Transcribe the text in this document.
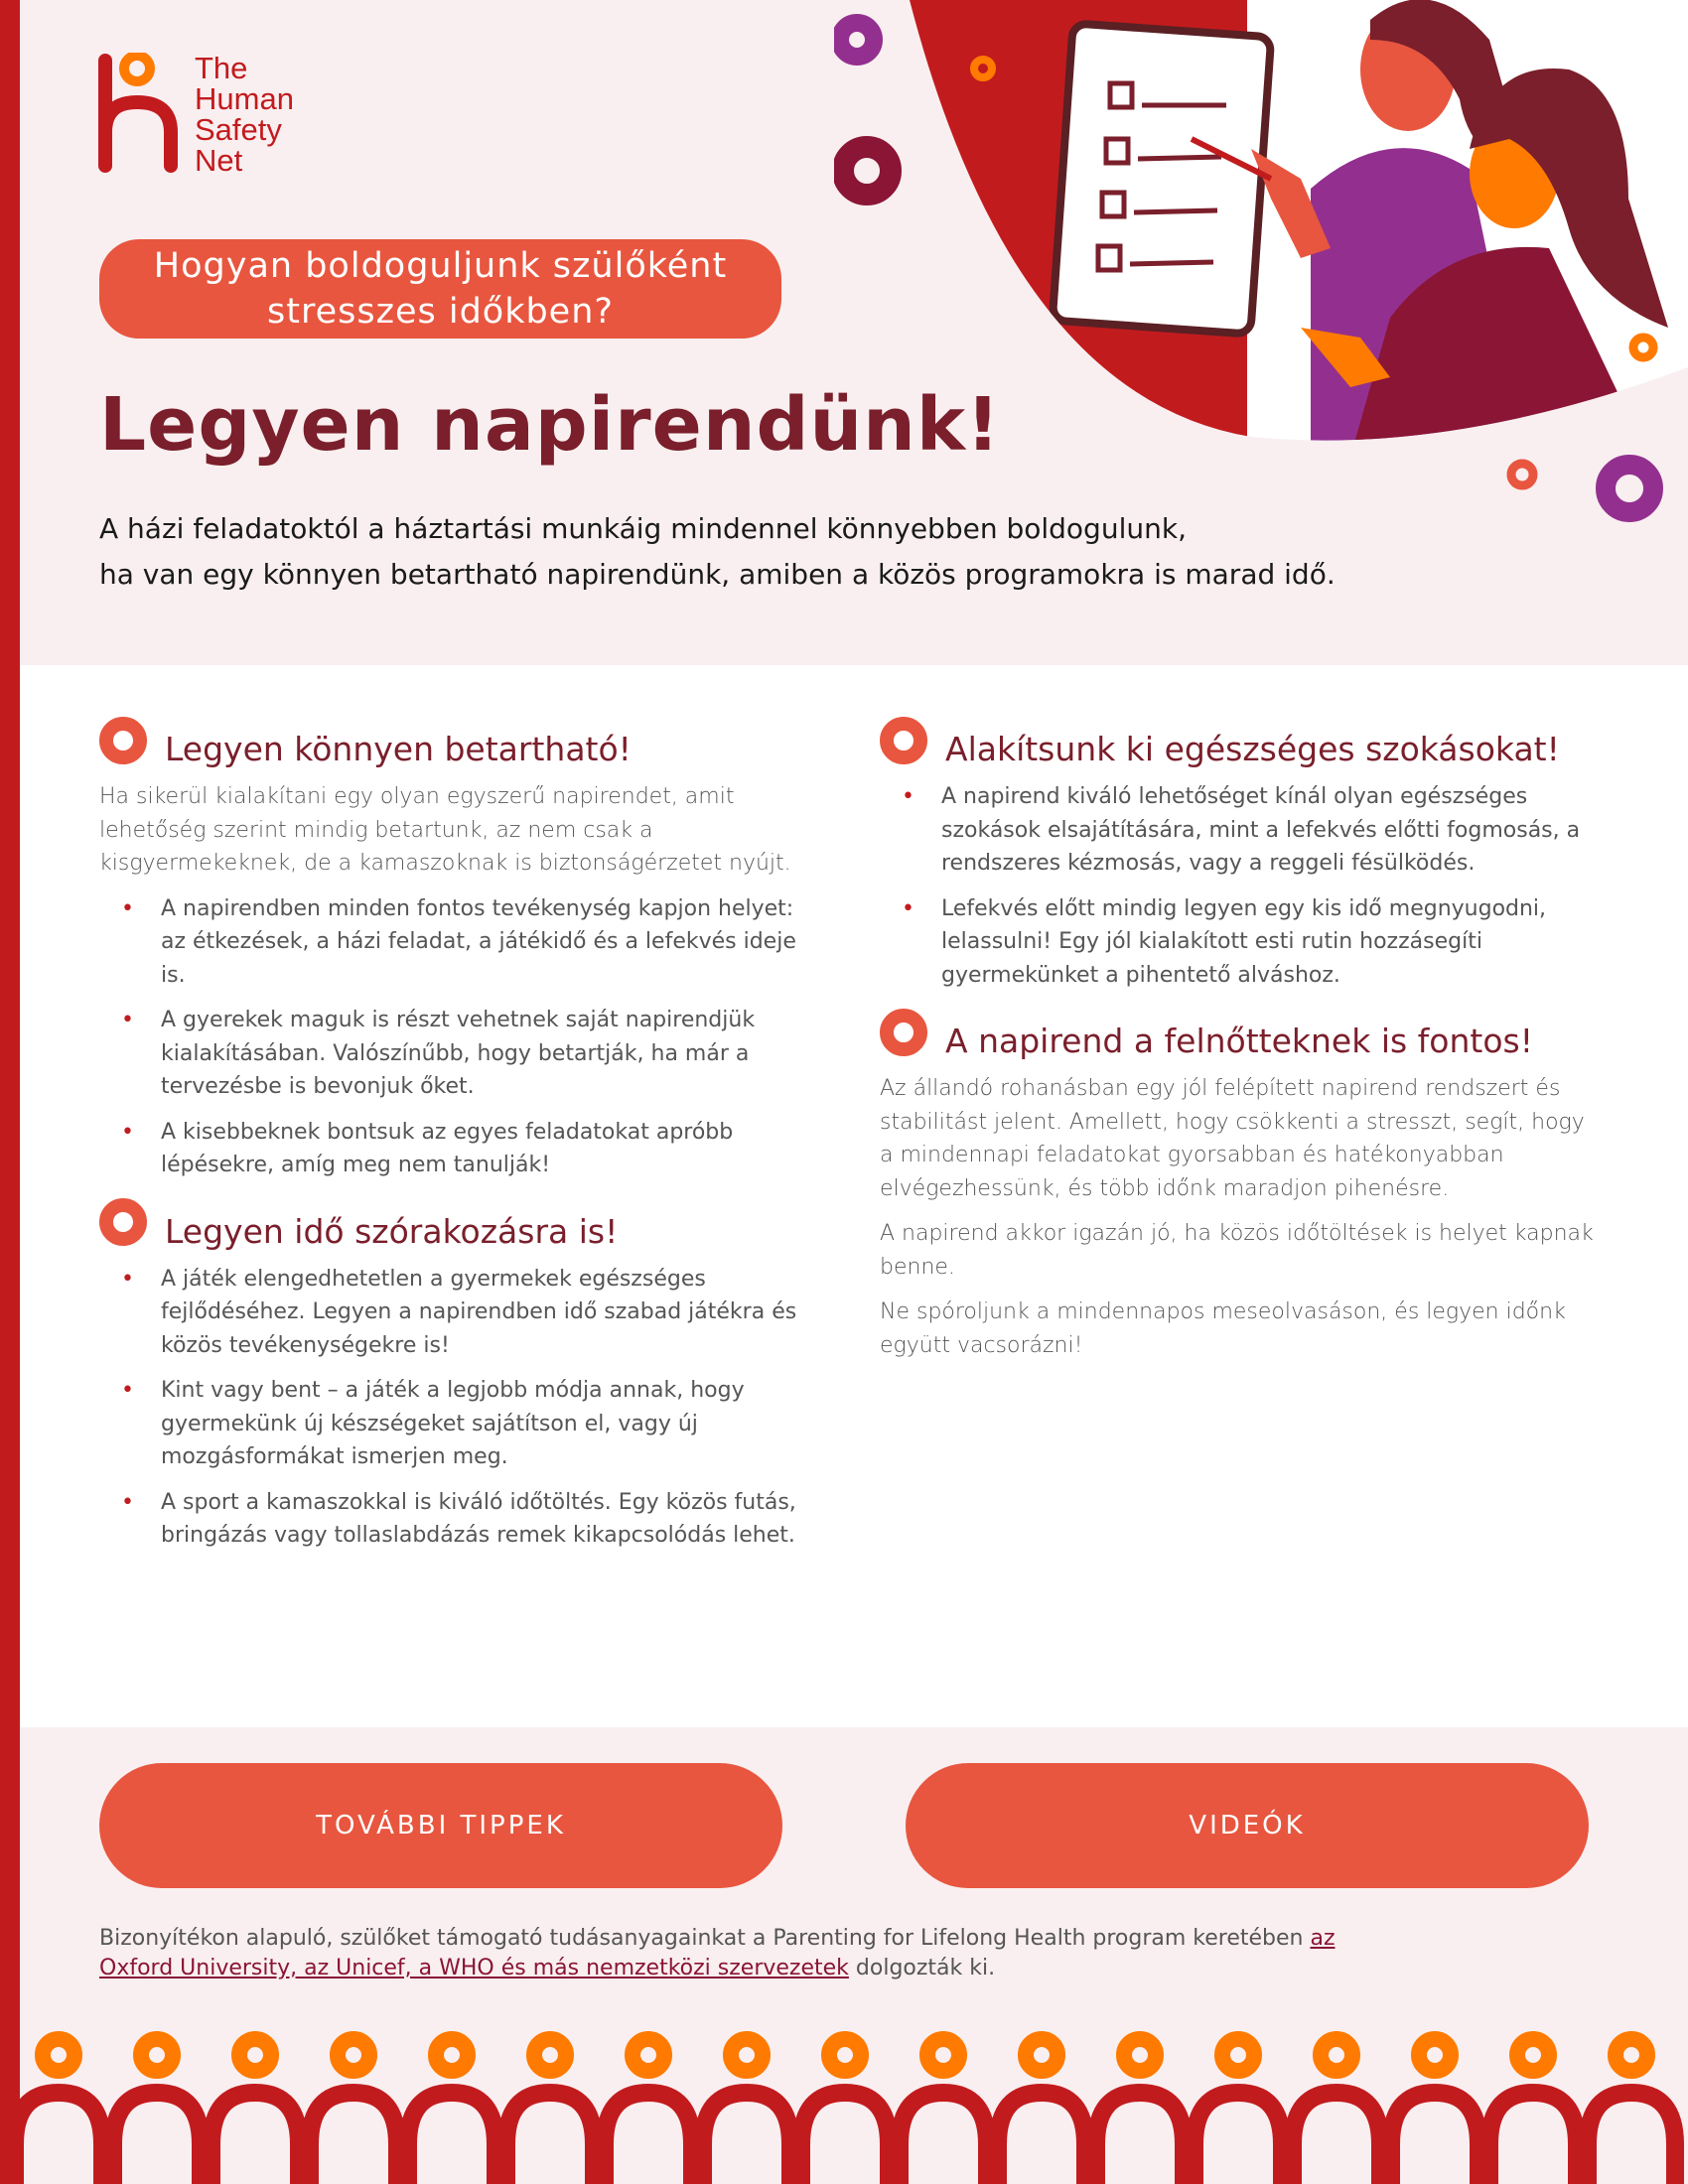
The
Human
Safety
Net
Hogyan boldoguljunk szülőként stresszes időkben?
Legyen napirendünk!
A házi feladatoktól a háztartási munkáig mindennel könnyebben boldogulunk,
ha van egy könnyen betartható napirendünk, amiben a közös programokra is marad idő.
Legyen könnyen betartható!
Ha sikerül kialakítani egy olyan egyszerű napirendet, amit lehetőség szerint mindig betartunk, az nem csak a kisgyermekeknek, de a kamaszoknak is biztonságérzetet nyújt.
• A napirendben minden fontos tevékenység kapjon helyet: az étkezések, a házi feladat, a játékidő és a lefekvés ideje is.
• A gyerekek maguk is részt vehetnek saját napirendjük kialakításában. Valószínűbb, hogy betartják, ha már a tervezésbe is bevonjuk őket.
• A kisebbeknek bontsuk az egyes feladatokat apróbb lépésekre, amíg meg nem tanulják!
Legyen idő szórakozásra is!
• A játék elengedhetetlen a gyermekek egészséges fejlődéséhez. Legyen a napirendben idő szabad játékra és közös tevékenységekre is!
• Kint vagy bent – a játék a legjobb módja annak, hogy gyermekünk új készségeket sajátítson el, vagy új mozgásformákat ismerjen meg.
• A sport a kamaszokkal is kiváló időtöltés. Egy közös futás, bringázás vagy tollaslabdázás remek kikapcsolódás lehet.
Alakítsunk ki egészséges szokásokat!
• A napirend kiváló lehetőséget kínál olyan egészséges szokások elsajátítására, mint a lefekvés előtti fogmosás, a rendszeres kézmosás, vagy a reggeli fésülködés.
• Lefekvés előtt mindig legyen egy kis idő megnyugodni, lelassulni! Egy jól kialakított esti rutin hozzásegíti gyermekünket a pihentető alváshoz.
A napirend a felnőtteknek is fontos!
Az állandó rohanásban egy jól felépített napirend rendszert és stabilitást jelent. Amellett, hogy csökkenti a stresszt, segít, hogy a mindennapi feladatokat gyorsabban és hatékonyabban elvégezhessünk, és több időnk maradjon pihenésre.
A napirend akkor igazán jó, ha közös időtöltések is helyet kapnak benne.
Ne spóroljunk a mindennapos meseolvasáson, és legyen időnk együtt vacsorázni!
TOVÁBBI TIPPEK	VIDEÓK
Bizonyítékon alapuló, szülőket támogató tudásanyagainkat a Parenting for Lifelong Health program keretében az Oxford University, az Unicef, a WHO és más nemzetközi szervezetek dolgozták ki.
